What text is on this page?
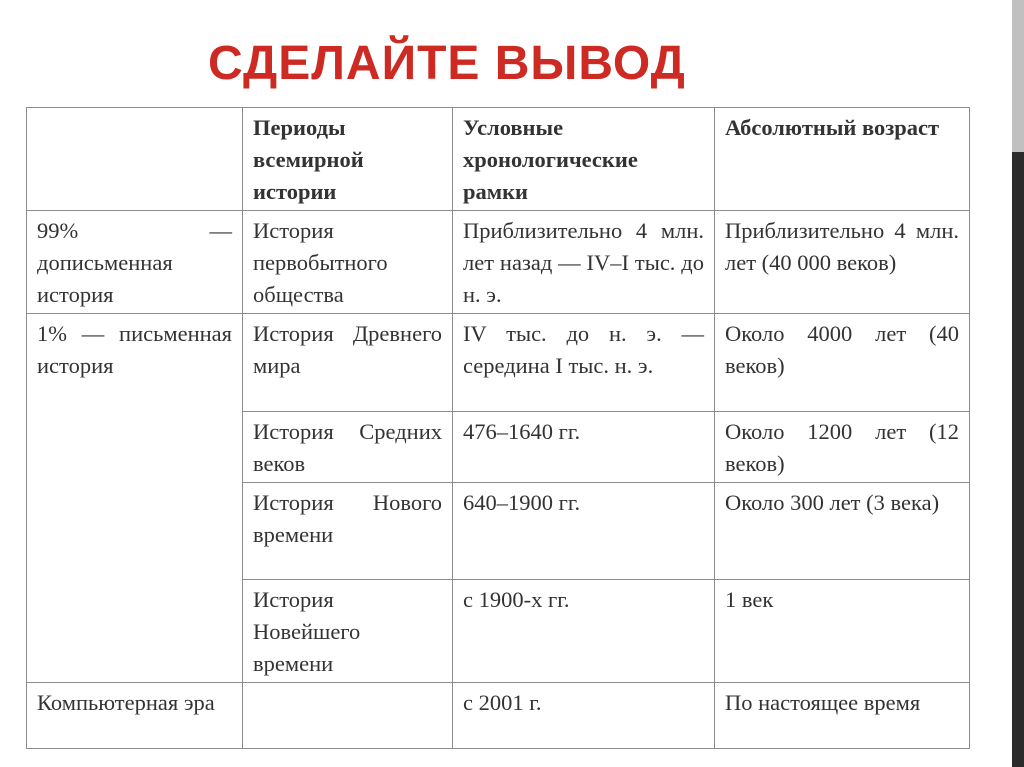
СДЕЛАЙТЕ ВЫВОД
	Периоды всемирной истории	Условные хронологические рамки	Абсолютный возраст
99% — дописьменная история	История первобытного общества	Приблизительно 4 млн. лет назад — IV–I тыс. до н. э.	Приблизительно 4 млн. лет (40 000 веков)
1% — письменная история	История Древнего мира	IV тыс. до н. э. — середина I тыс. н. э.	Около 4000 лет (40 веков)
	История Средних веков	476–1640 гг.	Около 1200 лет (12 веков)
	История Нового времени	640–1900 гг.	Около 300 лет (3 века)
	История Новейшего времени	с 1900-х гг.	1 век
Компьютерная эра		с 2001 г.	По настоящее время
